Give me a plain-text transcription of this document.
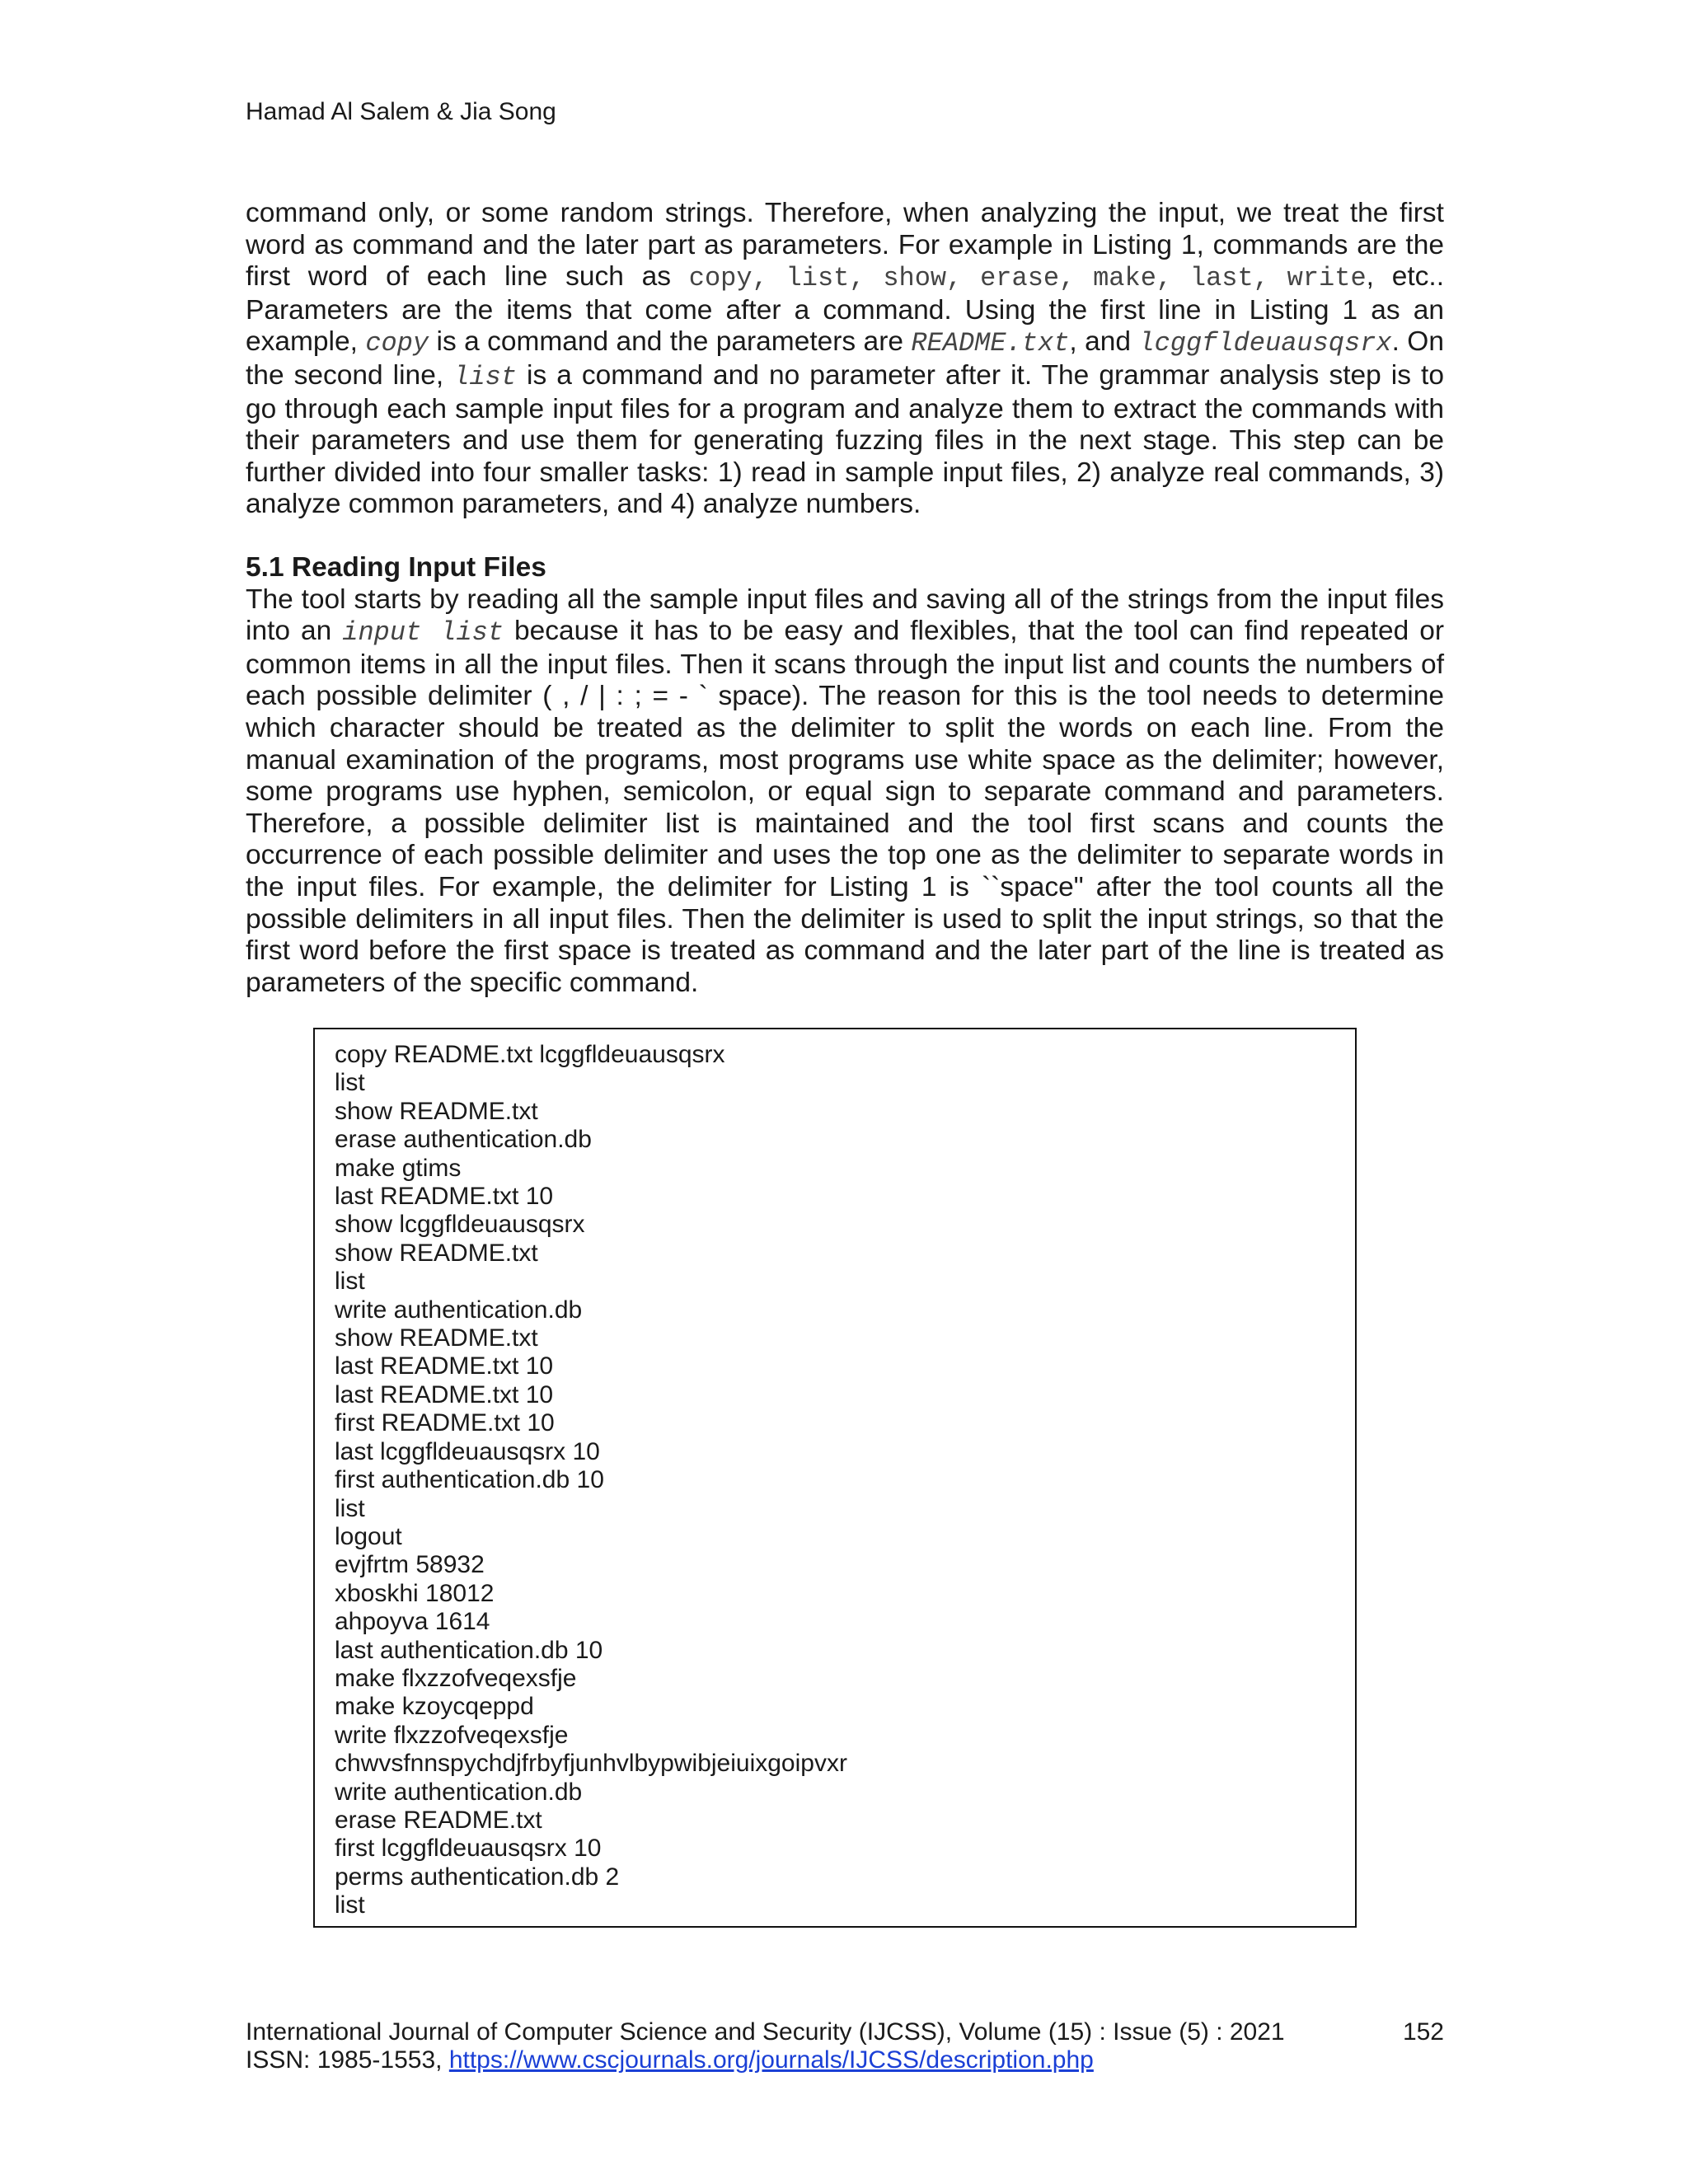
Hamad Al Salem & Jia Song

command only, or some random strings. Therefore, when analyzing the input, we treat the first word as command and the later part as parameters. For example in Listing 1, commands are the first word of each line such as copy, list, show, erase, make, last, write, etc.. Parameters are the items that come after a command. Using the first line in Listing 1 as an example, copy is a command and the parameters are README.txt, and lcggfldeuausqsrx. On the second line, list is a command and no parameter after it. The grammar analysis step is to go through each sample input files for a program and analyze them to extract the commands with their parameters and use them for generating fuzzing files in the next stage. This step can be further divided into four smaller tasks: 1) read in sample input files, 2) analyze real commands, 3) analyze common parameters, and 4) analyze numbers.

5.1 Reading Input Files

The tool starts by reading all the sample input files and saving all of the strings from the input files into an input list because it has to be easy and flexibles, that the tool can find repeated or common items in all the input files. Then it scans through the input list and counts the numbers of each possible delimiter ( , / | : ; = - ` space). The reason for this is the tool needs to determine which character should be treated as the delimiter to split the words on each line. From the manual examination of the programs, most programs use white space as the delimiter; however, some programs use hyphen, semicolon, or equal sign to separate command and parameters. Therefore, a possible delimiter list is maintained and the tool first scans and counts the occurrence of each possible delimiter and uses the top one as the delimiter to separate words in the input files. For example, the delimiter for Listing 1 is ``space" after the tool counts all the possible delimiters in all input files. Then the delimiter is used to split the input strings, so that the first word before the first space is treated as command and the later part of the line is treated as parameters of the specific command.

copy README.txt lcggfldeuausqsrx
list
show README.txt
erase authentication.db
make gtims
last README.txt 10
show lcggfldeuausqsrx
show README.txt
list
write authentication.db
show README.txt
last README.txt 10
last README.txt 10
first README.txt 10
last lcggfldeuausqsrx 10
first authentication.db 10
list
logout
evjfrtm 58932
xboskhi 18012
ahpoyva 1614
last authentication.db 10
make flxzzofveqexsfje
make kzoycqeppd
write flxzzofveqexsfje
chwvsfnnspychdjfrbyfjunhvlbypwibjeiuixgoipvxr
write authentication.db
erase README.txt
first lcggfldeuausqsrx 10
perms authentication.db 2
list
International Journal of Computer Science and Security (IJCSS), Volume (15) : Issue (5) : 2021	152
ISSN: 1985-1553, https://www.cscjournals.org/journals/IJCSS/description.php
